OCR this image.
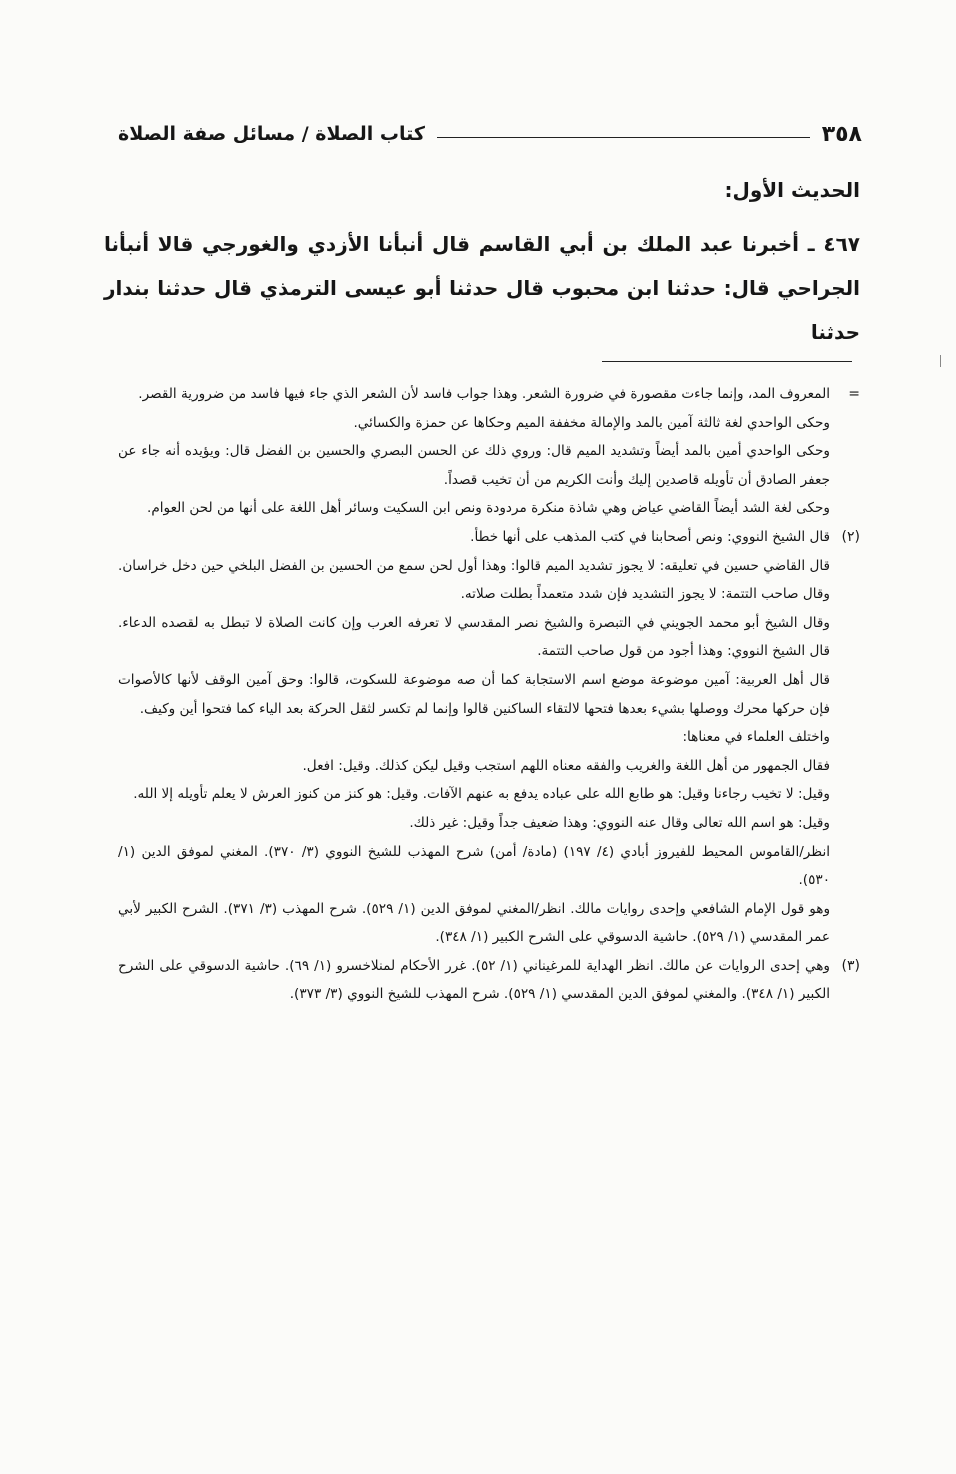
٣٥٨
كتاب الصلاة / مسائل صفة الصلاة
الحديث الأول:
٤٦٧ ـ أخبرنا عبد الملك بن أبي القاسم قال أنبأنا الأزدي والغورجي قالا أنبأنا الجراحي قال: حدثنا ابن محبوب قال حدثنا أبو عيسى الترمذي قال حدثنا بندار حدثنا
=

المعروف المد، وإنما جاءت مقصورة في ضرورة الشعر. وهذا جواب فاسد لأن الشعر الذي جاء فيها فاسد من ضرورية القصر.

وحكى الواحدي لغة ثالثة آمين بالمد والإمالة مخففة الميم وحكاها عن حمزة والكسائي.

وحكى الواحدي أمين بالمد أيضاً وتشديد الميم قال: وروي ذلك عن الحسن البصري والحسين بن الفضل قال: ويؤيده أنه جاء عن جعفر الصادق أن تأويله قاصدين إليك وأنت الكريم من أن تخيب قصداً.

وحكى لغة الشد أيضاً القاضي عياض وهي شاذة منكرة مردودة ونص ابن السكيت وسائر أهل اللغة على أنها من لحن العوام.

(٢)

قال الشيخ النووي: ونص أصحابنا في كتب المذهب على أنها خطأ.

قال القاضي حسين في تعليقه: لا يجوز تشديد الميم قالوا: وهذا أول لحن سمع من الحسين بن الفضل البلخي حين دخل خراسان. وقال صاحب التتمة: لا يجوز التشديد فإن شدد متعمداً بطلت صلاته.

وقال الشيخ أبو محمد الجويني في التبصرة والشيخ نصر المقدسي لا تعرفه العرب وإن كانت الصلاة لا تبطل به لقصده الدعاء. قال الشيخ النووي: وهذا أجود من قول صاحب التتمة.

قال أهل العربية: آمين موضوعة موضع اسم الاستجابة كما أن صه موضوعة للسكوت، قالوا: وحق آمين الوقف لأنها كالأصوات فإن حركها محرك ووصلها بشيء بعدها فتحها لالتقاء الساكنين قالوا وإنما لم تكسر لثقل الحركة بعد الياء كما فتحوا أين وكيف.

واختلف العلماء في معناها:

فقال الجمهور من أهل اللغة والغريب والفقه معناه اللهم استجب وقيل ليكن كذلك. وقيل: افعل.

وقيل: لا تخيب رجاءنا وقيل: هو طابع الله على عباده يدفع به عنهم الآفات. وقيل: هو كنز من كنوز العرش لا يعلم تأويله إلا الله.

وقيل: هو اسم الله تعالى وقال عنه النووي: وهذا ضعيف جداً وقيل: غير ذلك.

انظر/القاموس المحيط للفيروز أبادي (٤/ ١٩٧) (مادة/ أمن) شرح المهذب للشيخ النووي (٣/ ٣٧٠). المغني لموفق الدين (١/ ٥٣٠).

وهو قول الإمام الشافعي وإحدى روايات مالك. انظر/المغني لموفق الدين (١/ ٥٢٩). شرح المهذب (٣/ ٣٧١). الشرح الكبير لأبي عمر المقدسي (١/ ٥٢٩). حاشية الدسوقي على الشرح الكبير (١/ ٣٤٨).

(٣)

وهي إحدى الروايات عن مالك. انظر الهداية للمرغيناني (١/ ٥٢). غرر الأحكام لمنلاخسرو (١/ ٦٩). حاشية الدسوقي على الشرح الكبير (١/ ٣٤٨). والمغني لموفق الدين المقدسي (١/ ٥٢٩). شرح المهذب للشيخ النووي (٣/ ٣٧٣).
